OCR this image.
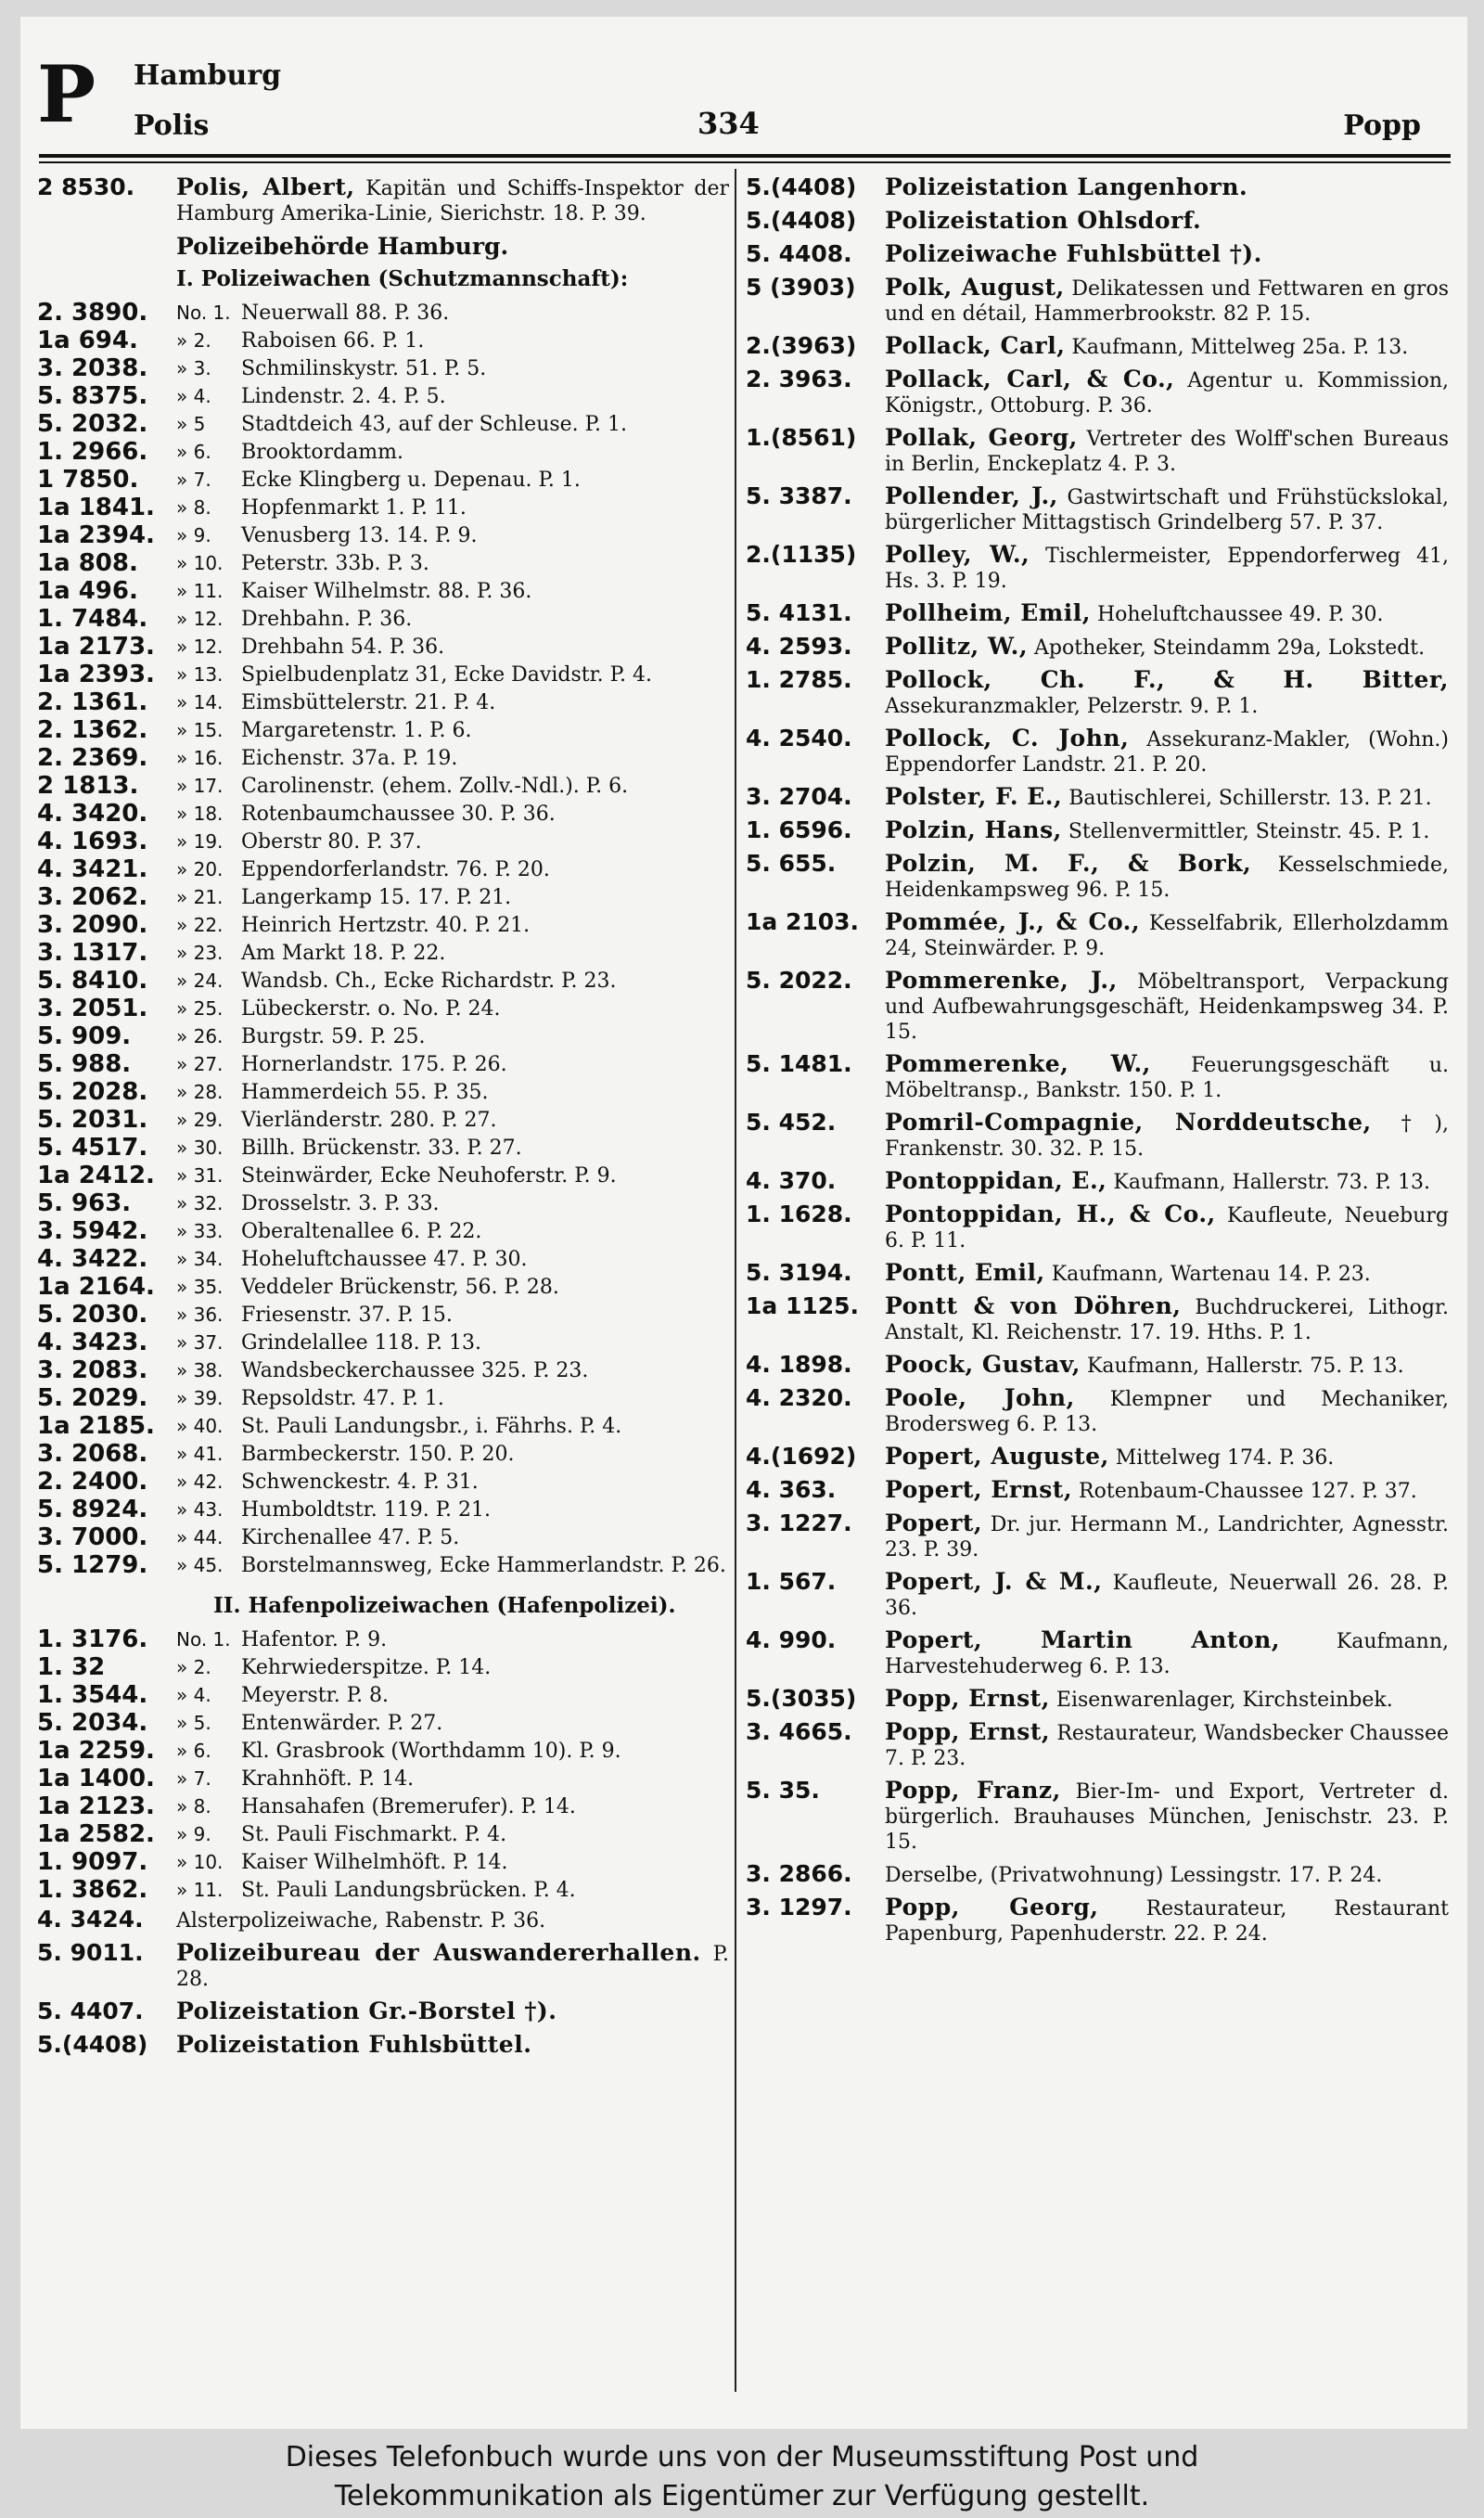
P Hamburg
Polis	334	Popp
2 8530.	Polis, Albert, Kapitän und Schiffs-Inspektor der Hamburg Amerika-Linie, Sierichstr. 18. P. 39.
Polizeibehörde Hamburg.
I. Polizeiwachen (Schutzmannschaft):
2. 3890.	No. 1. Neuerwall 88. P. 36.
1a 694.	» 2.	Raboisen 66. P. 1.
3. 2038.	» 3.	Schmilinskystr. 51. P. 5.
5. 8375.	» 4.	Lindenstr. 2. 4. P. 5.
5. 2032.	» 5	Stadtdeich 43, auf der Schleuse. P. 1.
1. 2966.	» 6.	Brooktordamm.
1 7850.	» 7.	Ecke Klingberg u. Depenau. P. 1.
1a 1841.	» 8.	Hopfenmarkt 1. P. 11.
1a 2394.	» 9.	Venusberg 13. 14. P. 9.
1a 808.	» 10. Peterstr. 33b. P. 3.
1a 496.	» 11. Kaiser Wilhelmstr. 88. P. 36.
1. 7484.	» 12. Drehbahn. P. 36.
1a 2173.	» 12. Drehbahn 54. P. 36.
1a 2393.	» 13. Spielbudenplatz 31, Ecke Davidstr. P. 4.
2. 1361.	» 14. Eimsbüttelerstr. 21. P. 4.
2. 1362.	» 15. Margaretenstr. 1. P. 6.
2. 2369.	» 16. Eichenstr. 37a. P. 19.
2 1813.	» 17. Carolinenstr. (ehem. Zollv.-Ndl.). P. 6.
4. 3420.	» 18. Rotenbaumchaussee 30. P. 36.
4. 1693.	» 19. Oberstr 80. P. 37.
4. 3421.	» 20. Eppendorferlandstr. 76. P. 20.
3. 2062.	» 21. Langerkamp 15. 17. P. 21.
3. 2090.	» 22. Heinrich Hertzstr. 40. P. 21.
3. 1317.	» 23. Am Markt 18. P. 22.
5. 8410.	» 24. Wandsb. Ch., Ecke Richardstr. P. 23.
3. 2051.	» 25. Lübeckerstr. o. No. P. 24.
5. 909.	» 26. Burgstr. 59. P. 25.
5. 988.	» 27. Hornerlandstr. 175. P. 26.
5. 2028.	» 28. Hammerdeich 55. P. 35.
5. 2031.	» 29. Vierländerstr. 280. P. 27.
5. 4517.	» 30. Billh. Brückenstr. 33. P. 27.
1a 2412.	» 31. Steinwärder, Ecke Neuhoferstr. P. 9.
5. 963.	» 32. Drosselstr. 3. P. 33.
3. 5942.	» 33. Oberaltenallee 6. P. 22.
4. 3422.	» 34. Hoheluftchaussee 47. P. 30.
1a 2164.	» 35. Veddeler Brückenstr, 56. P. 28.
5. 2030.	» 36. Friesenstr. 37. P. 15.
4. 3423.	» 37. Grindelallee 118. P. 13.
3. 2083.	» 38. Wandsbeckerchaussee 325. P. 23.
5. 2029.	» 39. Repsoldstr. 47. P. 1.
1a 2185.	» 40. St. Pauli Landungsbr., i. Fährhs. P. 4.
3. 2068.	» 41. Barmbeckerstr. 150. P. 20.
2. 2400.	» 42. Schwenckestr. 4. P. 31.
5. 8924.	» 43. Humboldtstr. 119. P. 21.
3. 7000.	» 44. Kirchenallee 47. P. 5.
5. 1279.	» 45. Borstelmannsweg, Ecke Hammerlandstr. P. 26.
II. Hafenpolizeiwachen (Hafenpolizei).
1. 3176.	No. 1. Hafentor. P. 9.
1. 32	» 2.	Kehrwiederspitze. P. 14.
1. 3544.	» 4.	Meyerstr. P. 8.
5. 2034.	» 5.	Entenwärder. P. 27.
1a 2259.	» 6.	Kl. Grasbrook (Worthdamm 10). P. 9.
1a 1400.	» 7.	Krahnhöft. P. 14.
1a 2123.	» 8.	Hansahafen (Bremerufer). P. 14.
1a 2582.	» 9.	St. Pauli Fischmarkt. P. 4.
1. 9097.	» 10. Kaiser Wilhelmhöft. P. 14.
1. 3862.	» 11. St. Pauli Landungsbrücken. P. 4.
4. 3424.	Alsterpolizeiwache, Rabenstr. P. 36.
5. 9011.	Polizeibureau der Auswandererhallen. P. 28.
5. 4407.	Polizeistation Gr.-Borstel †).
5.(4408)	Polizeistation Fuhlsbüttel.
5.(4408)	Polizeistation Langenhorn.
5.(4408)	Polizeistation Ohlsdorf.
5. 4408.	Polizeiwache Fuhlsbüttel †).
5 (3903)	Polk, August, Delikatessen und Fettwaren en gros und en détail, Hammerbrookstr. 82 P. 15.
2.(3963)	Pollack, Carl, Kaufmann, Mittelweg 25a. P. 13.
2. 3963.	Pollack, Carl, & Co., Agentur u. Kommission, Königstr., Ottoburg. P. 36.
1.(8561)	Pollak, Georg, Vertreter des Wolff'schen Bureaus in Berlin, Enckeplatz 4. P. 3.
5. 3387.	Pollender, J., Gastwirtschaft und Frühstückslokal, bürgerlicher Mittagstisch Grindelberg 57. P. 37.
2.(1135)	Polley, W., Tischlermeister, Eppendorferweg 41, Hs. 3. P. 19.
5. 4131.	Pollheim, Emil, Hoheluftchaussee 49. P. 30.
4. 2593.	Pollitz, W., Apotheker, Steindamm 29a, Lokstedt.
1. 2785.	Pollock, Ch. F., & H. Bitter, Assekuranzmakler, Pelzerstr. 9. P. 1.
4. 2540.	Pollock, C. John, Assekuranz-Makler, (Wohn.) Eppendorfer Landstr. 21. P. 20.
3. 2704.	Polster, F. E., Bautischlerei, Schillerstr. 13. P. 21.
1. 6596.	Polzin, Hans, Stellenvermittler, Steinstr. 45. P. 1.
5. 655.	Polzin, M. F., & Bork, Kesselschmiede, Heidenkampsweg 96. P. 15.
1a 2103.	Pommée, J., & Co., Kesselfabrik, Ellerholzdamm 24, Steinwärder. P. 9.
5. 2022.	Pommerenke, J., Möbeltransport, Verpackung und Aufbewahrungsgeschäft, Heidenkampsweg 34. P. 15.
5. 1481.	Pommerenke, W., Feuerungsgeschäft u. Möbeltransp., Bankstr. 150. P. 1.
5. 452.	Pomril-Compagnie, Norddeutsche, †), Frankenstr. 30. 32. P. 15.
4. 370.	Pontoppidan, E., Kaufmann, Hallerstr. 73. P. 13.
1. 1628.	Pontoppidan, H., & Co., Kaufleute, Neueburg 6. P. 11.
5. 3194.	Pontt, Emil, Kaufmann, Wartenau 14. P. 23.
1a 1125.	Pontt & von Döhren, Buchdruckerei, Lithogr. Anstalt, Kl. Reichenstr. 17. 19. Hths. P. 1.
4. 1898.	Poock, Gustav, Kaufmann, Hallerstr. 75. P. 13.
4. 2320.	Poole, John, Klempner und Mechaniker, Brodersweg 6. P. 13.
4.(1692)	Popert, Auguste, Mittelweg 174. P. 36.
4. 363.	Popert, Ernst, Rotenbaum-Chaussee 127. P. 37.
3. 1227.	Popert, Dr. jur. Hermann M., Landrichter, Agnesstr. 23. P. 39.
1. 567.	Popert, J. & M., Kaufleute, Neuerwall 26. 28. P. 36.
4. 990.	Popert, Martin Anton,	Kaufmann, Harvestehuderweg 6. P. 13.
5.(3035)	Popp, Ernst, Eisenwarenlager, Kirchsteinbek.
3. 4665.	Popp, Ernst, Restaurateur, Wandsbecker Chaussee 7. P. 23.
5. 35.	Popp, Franz, Bier-Im- und Export, Vertreter d. bürgerlich. Brauhauses München, Jenischstr. 23. P. 15.
3. 2866.	Derselbe, (Privatwohnung) Lessingstr. 17. P. 24.
3. 1297.	Popp, Georg, Restaurateur, Restaurant Papenburg, Papenhuderstr. 22. P. 24.
Dieses Telefonbuch wurde uns von der Museumsstiftung Post und
Telekommunikation als Eigentümer zur Verfügung gestellt.
